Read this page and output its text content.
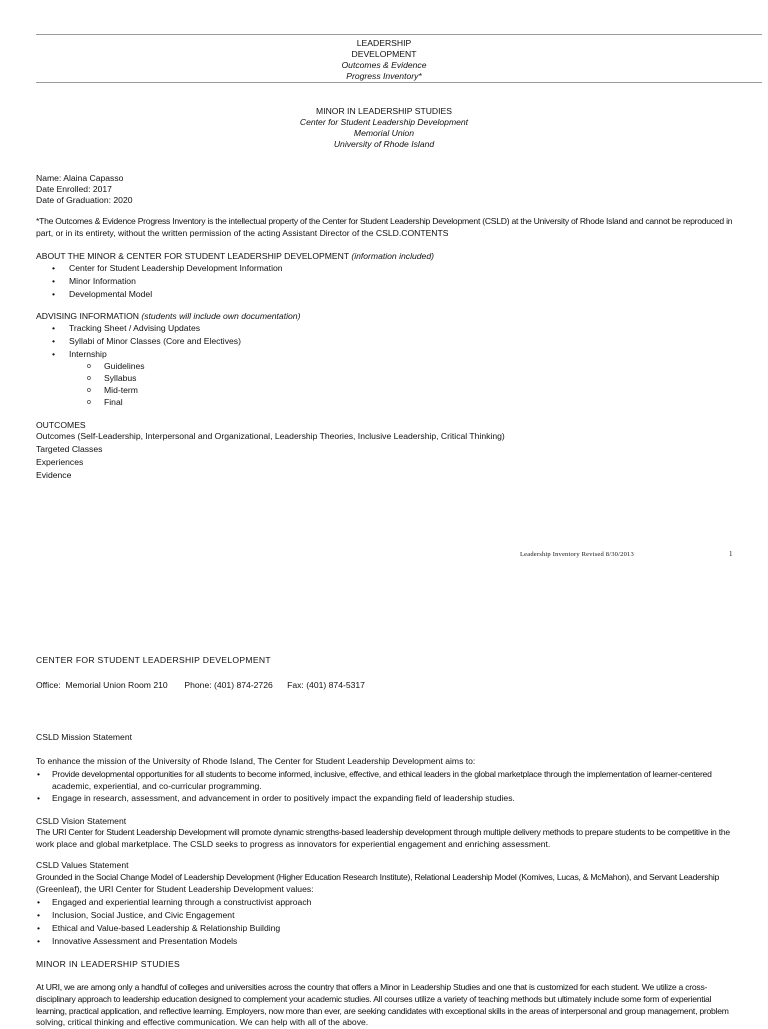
LEADERSHIP
DEVELOPMENT
Outcomes & Evidence
Progress Inventory*
MINOR IN LEADERSHIP STUDIES
Center for Student Leadership Development
Memorial Union
University of Rhode Island
Name: Alaina Capasso
Date Enrolled: 2017
Date of Graduation: 2020
*The Outcomes & Evidence Progress Inventory is the intellectual property of the Center for Student Leadership Development (CSLD) at the University of Rhode Island and cannot be reproduced in
part, or in its entirety, without the written permission of the acting Assistant Director of the CSLD.CONTENTS
ABOUT THE MINOR & CENTER FOR STUDENT LEADERSHIP DEVELOPMENT (information included)
• Center for Student Leadership Development Information
• Minor Information
• Developmental Model
ADVISING INFORMATION (students will include own documentation)
• Tracking Sheet / Advising Updates
• Syllabi of Minor Classes (Core and Electives)
• Internship
o Guidelines
o Syllabus
o Mid-term
o Final
OUTCOMES
Outcomes (Self-Leadership, Interpersonal and Organizational, Leadership Theories, Inclusive Leadership, Critical Thinking)
Targeted Classes
Experiences
Evidence
Leadership Inventory Revised 8/30/2013	1
CENTER FOR STUDENT LEADERSHIP DEVELOPMENT
Office:  Memorial Union Room 210       Phone: (401) 874-2726      Fax: (401) 874-5317
CSLD Mission Statement
To enhance the mission of the University of Rhode Island, The Center for Student Leadership Development aims to:
• Provide developmental opportunities for all students to become informed, inclusive, effective, and ethical leaders in the global marketplace through the implementation of learner-centered
academic, experiential, and co-curricular programming.
• Engage in research, assessment, and advancement in order to positively impact the expanding field of leadership studies.
CSLD Vision Statement
The URI Center for Student Leadership Development will promote dynamic strengths-based leadership development through multiple delivery methods to prepare students to be competitive in the
work place and global marketplace. The CSLD seeks to progress as innovators for experiential engagement and enriching assessment.
CSLD Values Statement
Grounded in the Social Change Model of Leadership Development (Higher Education Research Institute), Relational Leadership Model (Komives, Lucas, & McMahon), and Servant Leadership
(Greenleaf), the URI Center for Student Leadership Development values:
• Engaged and experiential learning through a constructivist approach
• Inclusion, Social Justice, and Civic Engagement
• Ethical and Value-based Leadership & Relationship Building
• Innovative Assessment and Presentation Models
MINOR IN LEADERSHIP STUDIES
At URI, we are among only a handful of colleges and universities across the country that offers a Minor in Leadership Studies and one that is customized for each student. We utilize a cross-
disciplinary approach to leadership education designed to complement your academic studies. All courses utilize a variety of teaching methods but ultimately include some form of experiential
learning, practical application, and reflective learning. Employers, now more than ever, are seeking candidates with exceptional skills in the areas of interpersonal and group management, problem
solving, critical thinking and effective communication. We can help with all of the above.
